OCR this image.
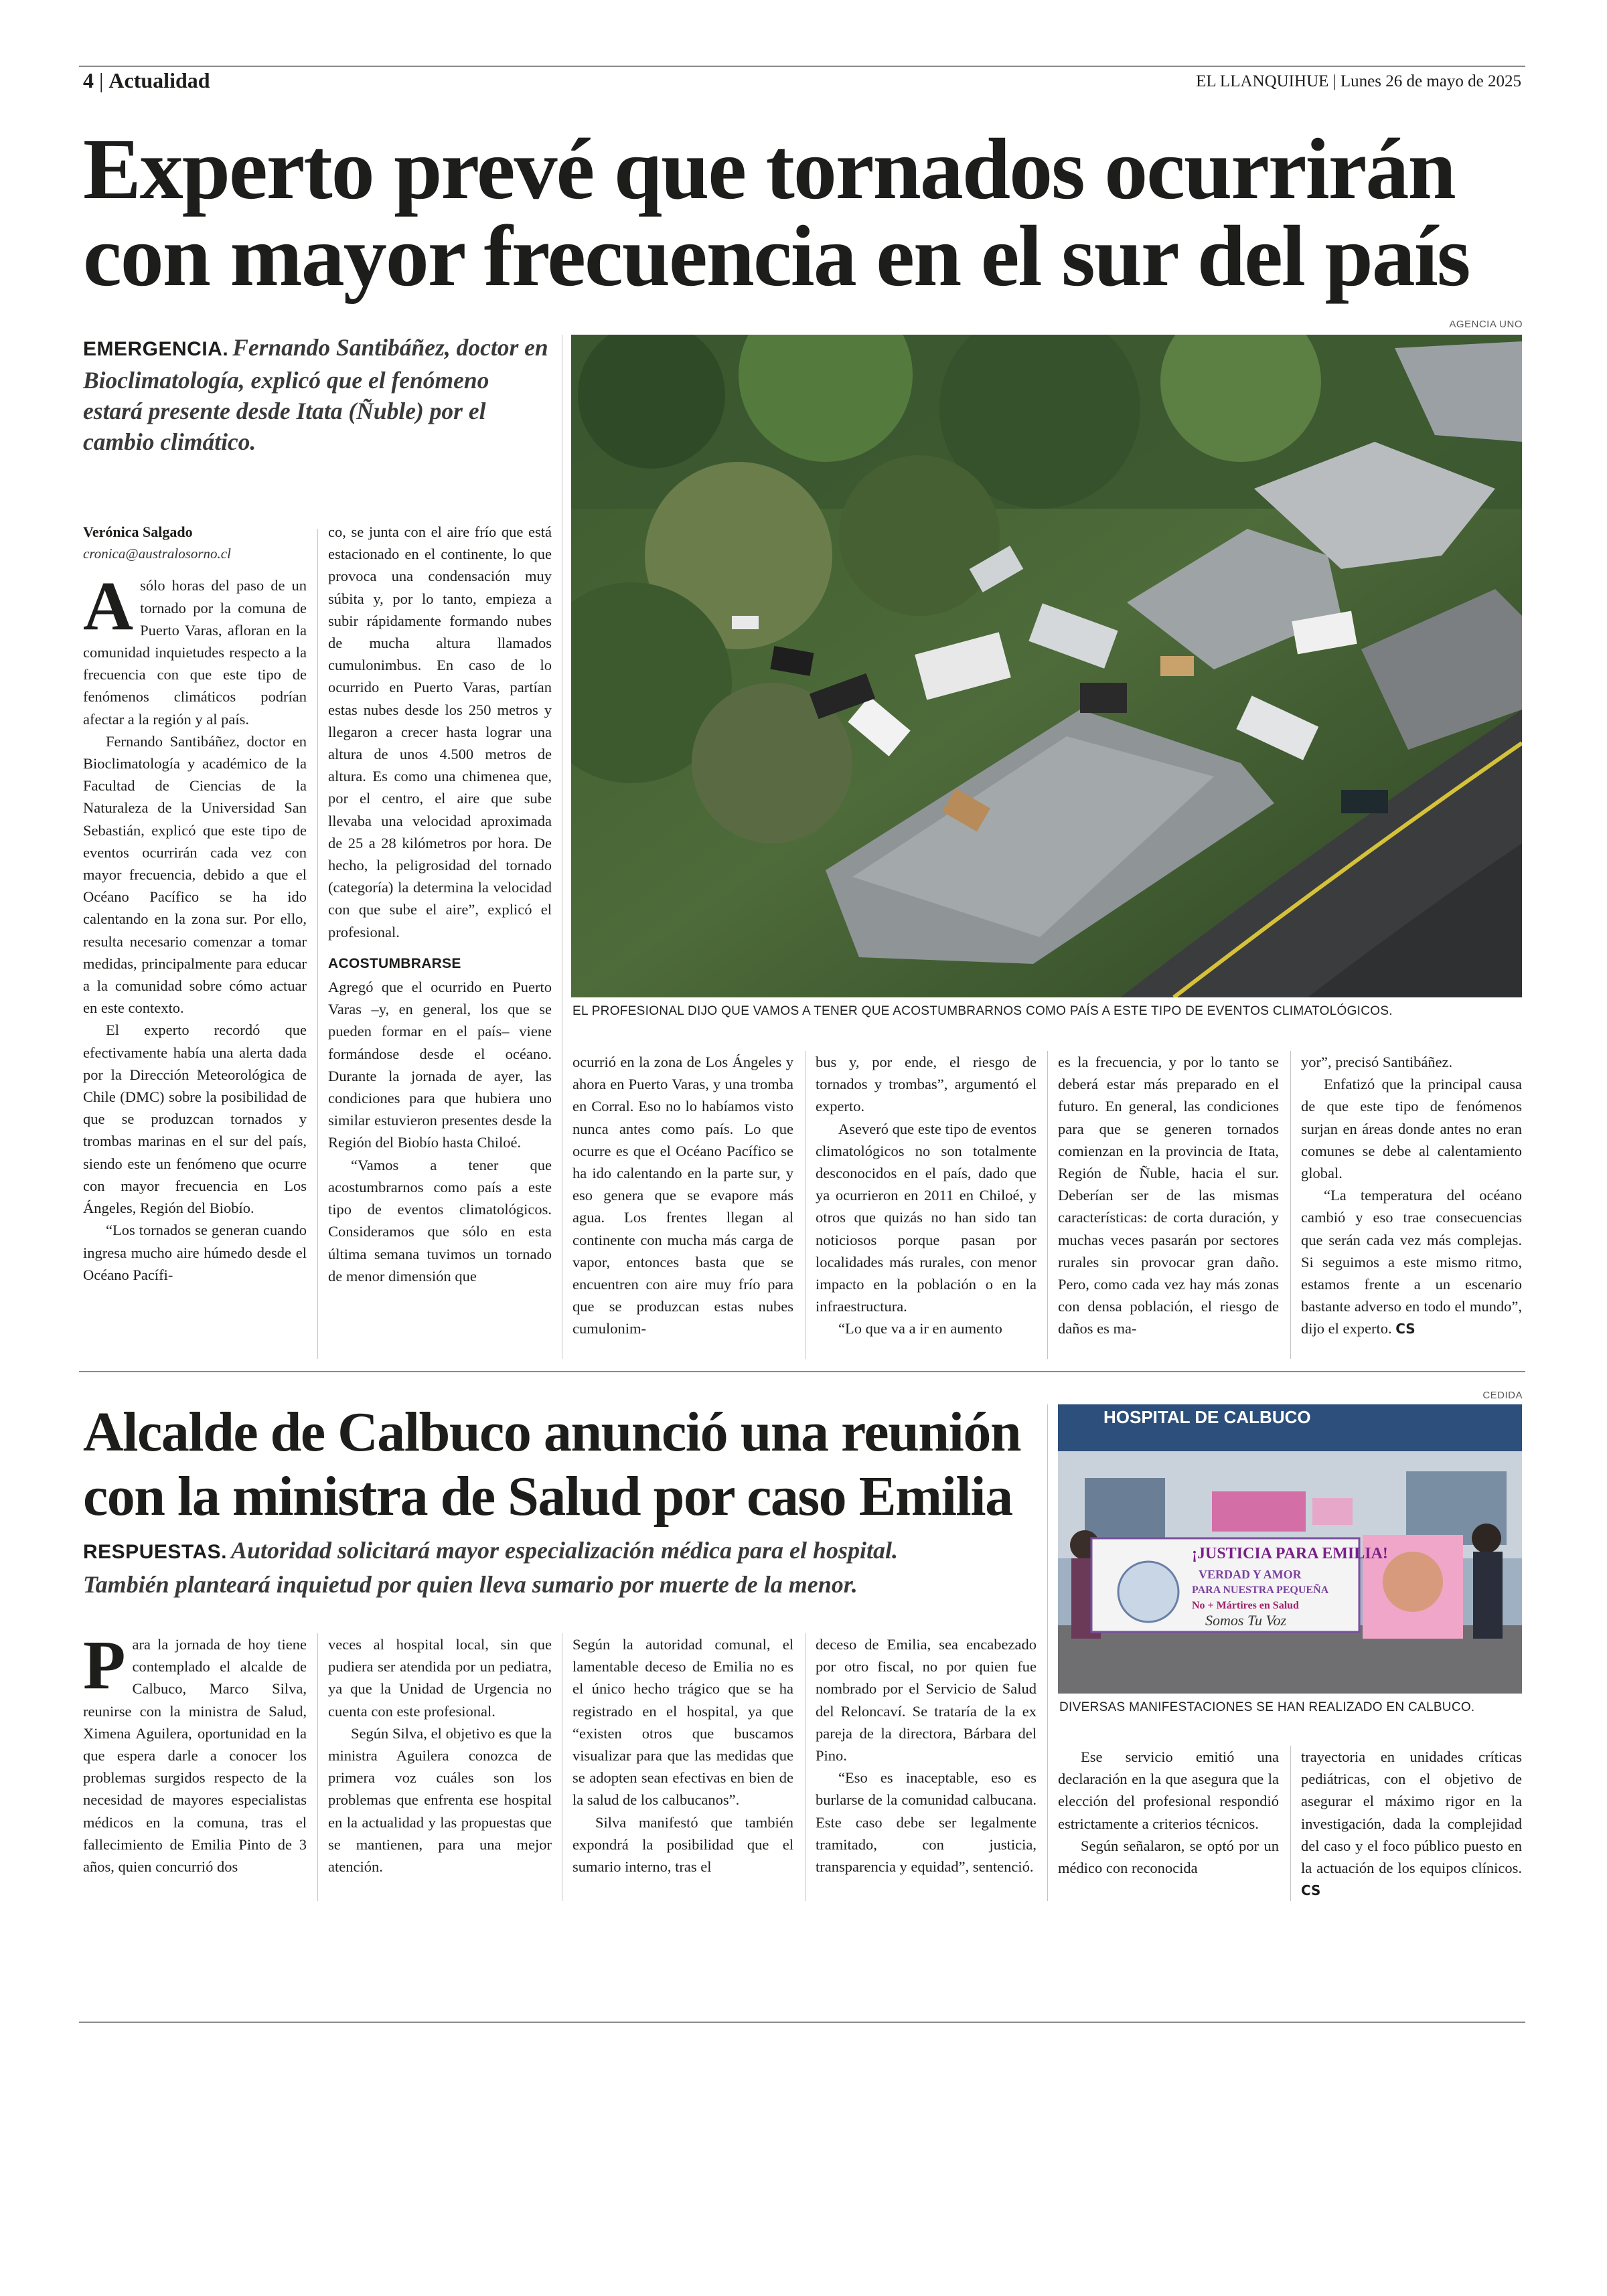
4 | Actualidad	EL LLANQUIHUE | Lunes 26 de mayo de 2025
Experto prevé que tornados ocurrirán
con mayor frecuencia en el sur del país
EMERGENCIA. Fernando Santibáñez, doctor en Bioclimatología, explicó que el fenómeno estará presente desde Itata (Ñuble) por el cambio climático.
AGENCIA UNO
EL PROFESIONAL DIJO QUE VAMOS A TENER QUE ACOSTUMBRARNOS COMO PAÍS A ESTE TIPO DE EVENTOS CLIMATOLÓGICOS.
Verónica Salgado
cronica@australosorno.cl

Asólo horas del paso de un tornado por la comuna de Puerto Varas, afloran en la comunidad inquietudes respecto a la frecuencia con que este tipo de fenómenos climáticos podrían afectar a la región y al país.

Fernando Santibáñez, doctor en Bioclimatología y académico de la Facultad de Ciencias de la Naturaleza de la Universidad San Sebastián, explicó que este tipo de eventos ocurrirán cada vez con mayor frecuencia, debido a que el Océano Pacífico se ha ido calentando en la zona sur. Por ello, resulta necesario comenzar a tomar medidas, principalmente para educar a la comunidad sobre cómo actuar en este contexto.

El experto recordó que efectivamente había una alerta dada por la Dirección Meteorológica de Chile (DMC) sobre la posibilidad de que se produzcan tornados y trombas marinas en el sur del país, siendo este un fenómeno que ocurre con mayor frecuencia en Los Ángeles, Región del Biobío.

“Los tornados se generan cuando ingresa mucho aire húmedo desde el Océano Pacífi-

co, se junta con el aire frío que está estacionado en el continente, lo que provoca una condensación muy súbita y, por lo tanto, empieza a subir rápidamente formando nubes de mucha altura llamados cumulonimbus. En caso de lo ocurrido en Puerto Varas, partían estas nubes desde los 250 metros y llegaron a crecer hasta lograr una altura de unos 4.500 metros de altura. Es como una chimenea que, por el centro, el aire que sube llevaba una velocidad aproximada de 25 a 28 kilómetros por hora. De hecho, la peligrosidad del tornado (categoría) la determina la velocidad con que sube el aire”, explicó el profesional.

ACOSTUMBRARSE

Agregó que el ocurrido en Puerto Varas –y, en general, los que se pueden formar en el país– viene formándose desde el océano. Durante la jornada de ayer, las condiciones para que hubiera uno similar estuvieron presentes desde la Región del Biobío hasta Chiloé.

“Vamos a tener que acostumbrarnos como país a este tipo de eventos climatológicos. Consideramos que sólo en esta última semana tuvimos un tornado de menor dimensión que

ocurrió en la zona de Los Ángeles y ahora en Puerto Varas, y una tromba en Corral. Eso no lo habíamos visto nunca antes como país. Lo que ocurre es que el Océano Pacífico se ha ido calentando en la parte sur, y eso genera que se evapore más agua. Los frentes llegan al continente con mucha más carga de vapor, entonces basta que se encuentren con aire muy frío para que se produzcan estas nubes cumulonim-

bus y, por ende, el riesgo de tornados y trombas”, argumentó el experto.

Aseveró que este tipo de eventos climatológicos no son totalmente desconocidos en el país, dado que ya ocurrieron en 2011 en Chiloé, y otros que quizás no han sido tan noticiosos porque pasan por localidades más rurales, con menor impacto en la población o en la infraestructura.

“Lo que va a ir en aumento

es la frecuencia, y por lo tanto se deberá estar más preparado en el futuro. En general, las condiciones para que se generen tornados comienzan en la provincia de Itata, Región de Ñuble, hacia el sur. Deberían ser de las mismas características: de corta duración, y muchas veces pasarán por sectores rurales sin provocar gran daño. Pero, como cada vez hay más zonas con densa población, el riesgo de daños es ma-

yor”, precisó Santibáñez.

Enfatizó que la principal causa de que este tipo de fenómenos surjan en áreas donde antes no eran comunes se debe al calentamiento global.

“La temperatura del océano cambió y eso trae consecuencias que serán cada vez más complejas. Si seguimos a este mismo ritmo, estamos frente a un escenario bastante adverso en todo el mundo”, dijo el experto. CS

Alcalde de Calbuco anunció una reunión
con la ministra de Salud por caso Emilia
RESPUESTAS. Autoridad solicitará mayor especialización médica para el hospital.
También planteará inquietud por quien lleva sumario por muerte de la menor.
CEDIDA
HOSPITAL DE CALBUCO
¡JUSTICIA PARA EMILIA!
VERDAD Y AMOR
PARA NUESTRA PEQUEÑA
No + Mártires en Salud
Somos Tu Voz
DIVERSAS MANIFESTACIONES SE HAN REALIZADO EN CALBUCO.

Para la jornada de hoy tiene contemplado el alcalde de Calbuco, Marco Silva, reunirse con la ministra de Salud, Ximena Aguilera, oportunidad en la que espera darle a conocer los problemas surgidos respecto de la necesidad de mayores especialistas médicos en la comuna, tras el fallecimiento de Emilia Pinto de 3 años, quien concurrió dos

veces al hospital local, sin que pudiera ser atendida por un pediatra, ya que la Unidad de Urgencia no cuenta con este profesional.

Según Silva, el objetivo es que la ministra Aguilera conozca de primera voz cuáles son los problemas que enfrenta ese hospital en la actualidad y las propuestas que se mantienen, para una mejor atención.

Según la autoridad comunal, el lamentable deceso de Emilia no es el único hecho trágico que se ha registrado en el hospital, ya que “existen otros que buscamos visualizar para que las medidas que se adopten sean efectivas en bien de la salud de los calbucanos”.

Silva manifestó que también expondrá la posibilidad que el sumario interno, tras el

deceso de Emilia, sea encabezado por otro fiscal, no por quien fue nombrado por el Servicio de Salud del Reloncaví. Se trataría de la ex pareja de la directora, Bárbara del Pino.

“Eso es inaceptable, eso es burlarse de la comunidad calbucana. Este caso debe ser legalmente tramitado, con justicia, transparencia y equidad”, sentenció.

Ese servicio emitió una declaración en la que asegura que la elección del profesional respondió estrictamente a criterios técnicos.

Según señalaron, se optó por un médico con reconocida

trayectoria en unidades críticas pediátricas, con el objetivo de asegurar el máximo rigor en la investigación, dada la complejidad del caso y el foco público puesto en la actuación de los equipos clínicos. CS
